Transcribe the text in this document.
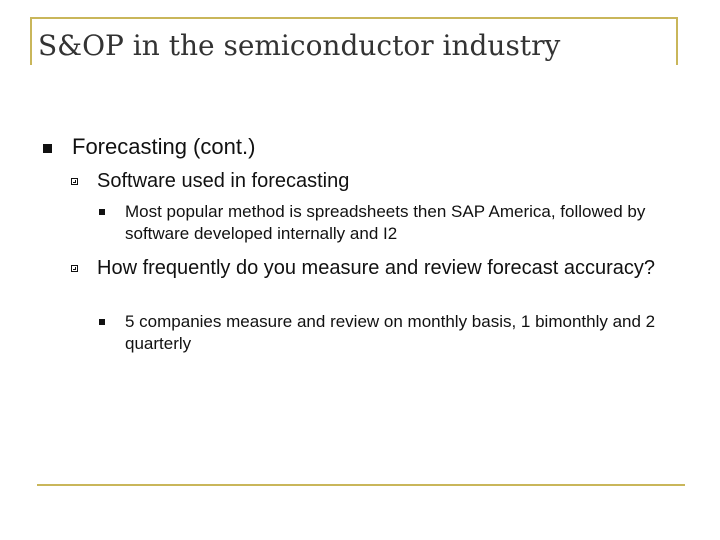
S&OP in the semiconductor industry
Forecasting (cont.)
Software used in forecasting
Most popular method is spreadsheets then SAP America, followed by software developed internally and I2
How frequently do you measure and review forecast accuracy?
5 companies measure and review on monthly basis, 1 bimonthly and 2 quarterly
